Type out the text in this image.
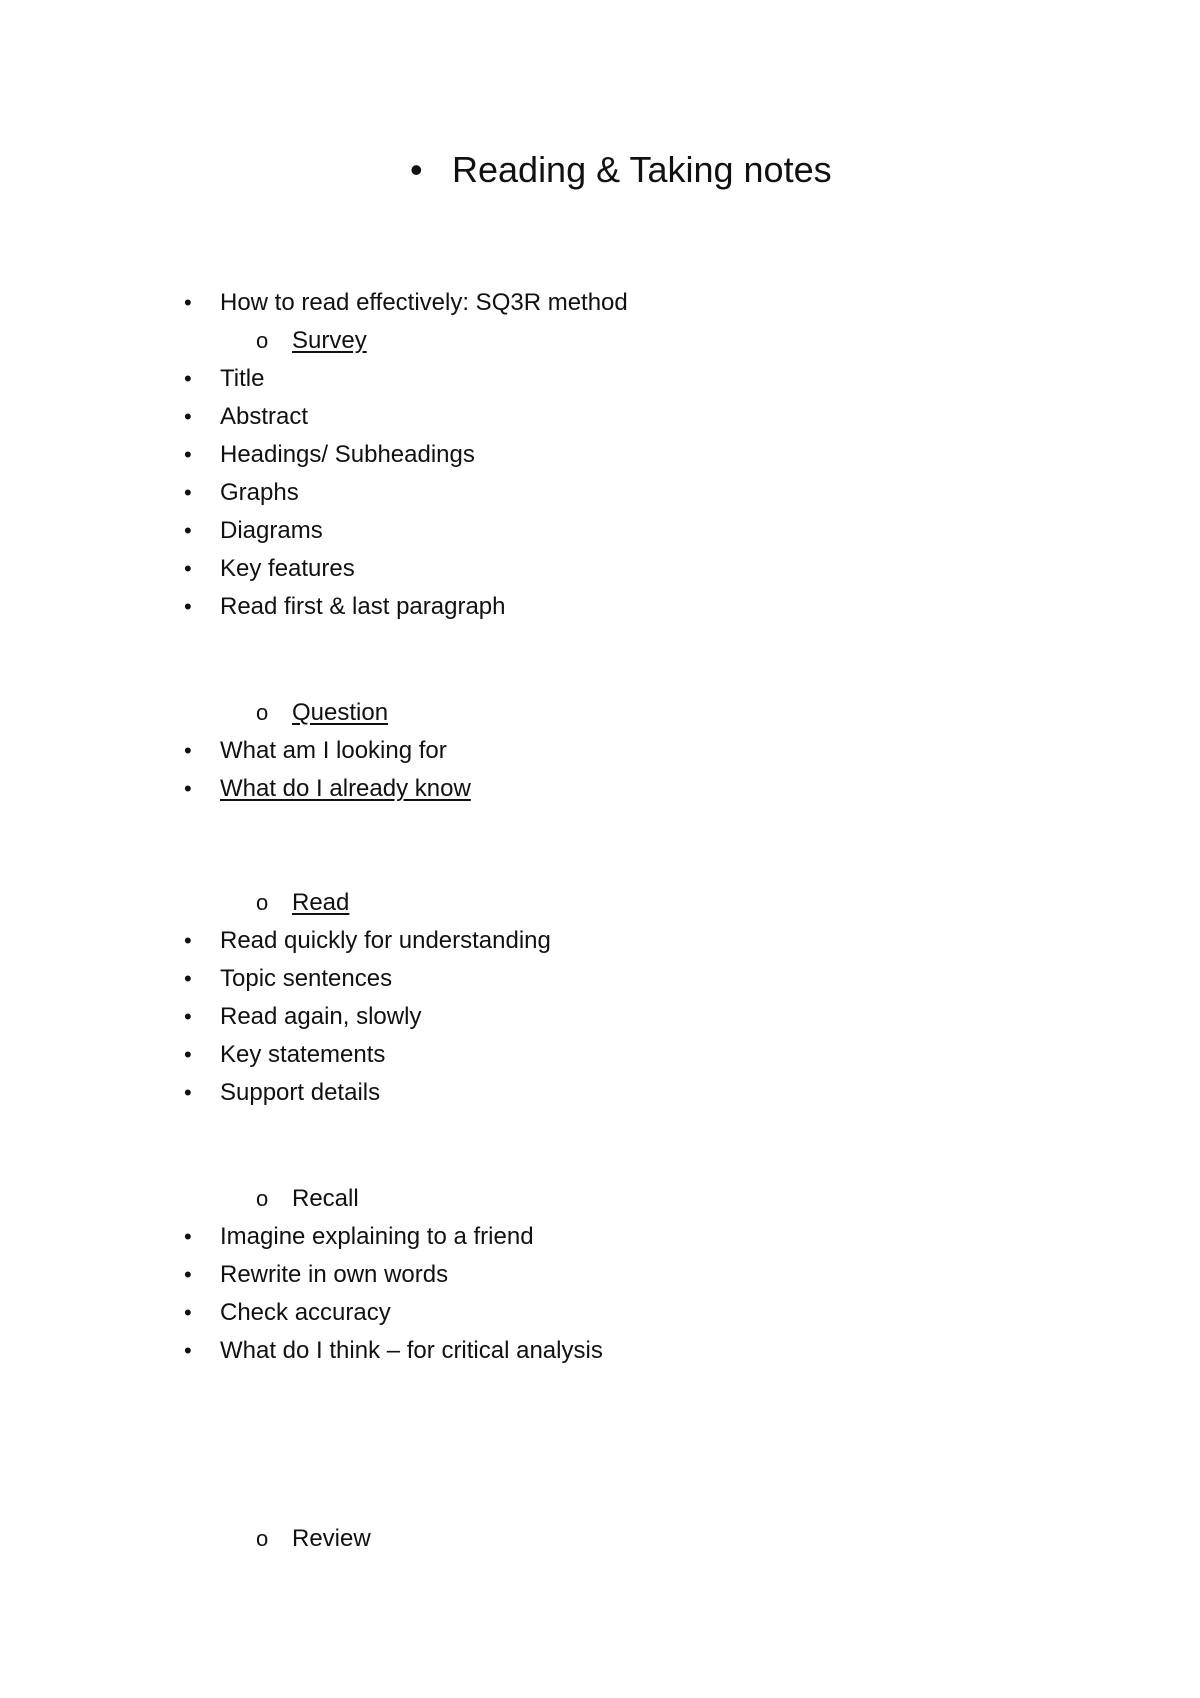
• Reading & Taking notes
• How to read effectively: SQ3R method
o Survey
• Title
• Abstract
• Headings/ Subheadings
• Graphs
• Diagrams
• Key features
• Read first & last paragraph
o Question
• What am I looking for
• What do I already know
o Read
• Read quickly for understanding
• Topic sentences
• Read again, slowly
• Key statements
• Support details
o Recall
• Imagine explaining to a friend
• Rewrite in own words
• Check accuracy
• What do I think – for critical analysis
o Review
